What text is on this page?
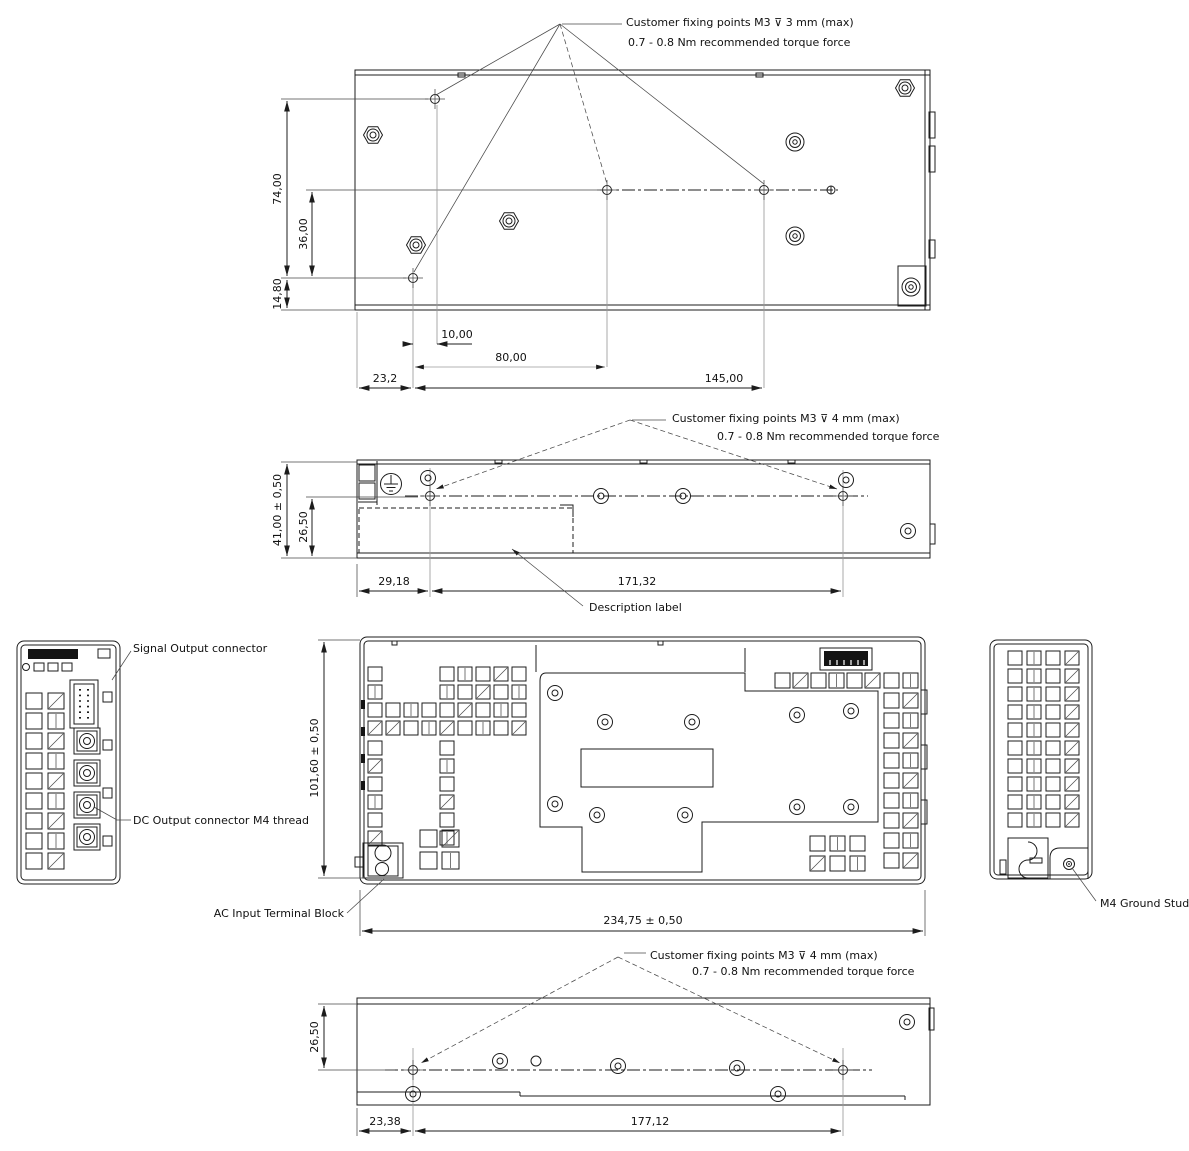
74,00
36,00
14,80
10,00
80,00
23,2	145,00
Customer fixing points M3 ⊽ 3 mm (max)
0.7 - 0.8 Nm recommended torque force
41,00 ± 0,50 26,50
29,18	171,32
Customer fixing points M3 ⊽ 4 mm (max)
0.7 - 0.8 Nm recommended torque force
Description label
101,60 ± 0,50
234,75 ± 0,50
AC Input Terminal Block
Signal Output connector
DC Output connector M4 thread
M4 Ground Stud
26,50
23,38	177,12
Customer fixing points M3 ⊽ 4 mm (max)
0.7 - 0.8 Nm recommended torque force
